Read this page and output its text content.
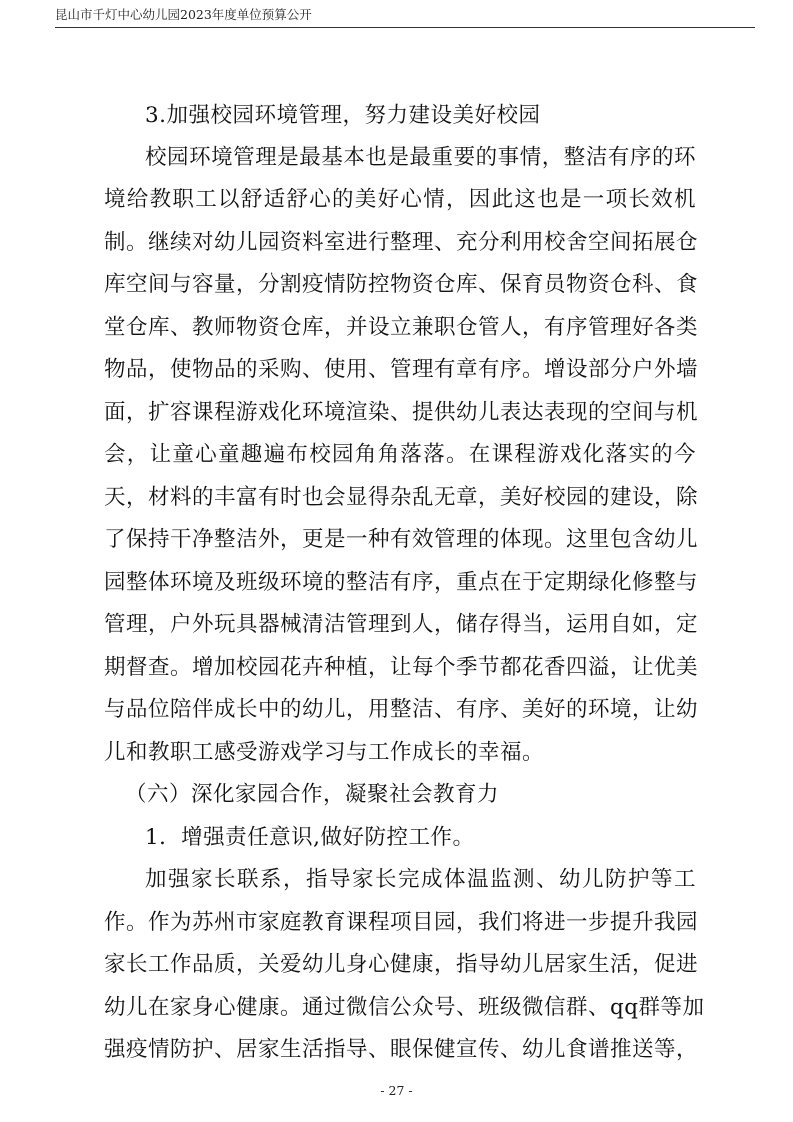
昆山市千灯中心幼儿园2023年度单位预算公开
3.加强校园环境管理，努力建设美好校园
校园环境管理是最基本也是最重要的事情，整洁有序的环
境给教职工以舒适舒心的美好心情，因此这也是一项长效机
制。继续对幼儿园资料室进行整理、充分利用校舍空间拓展仓
库空间与容量，分割疫情防控物资仓库、保育员物资仓科、食
堂仓库、教师物资仓库，并设立兼职仓管人，有序管理好各类
物品，使物品的采购、使用、管理有章有序。增设部分户外墙
面，扩容课程游戏化环境渲染、提供幼儿表达表现的空间与机
会，让童心童趣遍布校园角角落落。在课程游戏化落实的今
天，材料的丰富有时也会显得杂乱无章，美好校园的建设，除
了保持干净整洁外，更是一种有效管理的体现。这里包含幼儿
园整体环境及班级环境的整洁有序，重点在于定期绿化修整与
管理，户外玩具器械清洁管理到人，储存得当，运用自如，定
期督查。增加校园花卉种植，让每个季节都花香四溢，让优美
与品位陪伴成长中的幼儿，用整洁、有序、美好的环境，让幼
儿和教职工感受游戏学习与工作成长的幸福。
（六）深化家园合作，凝聚社会教育力
1．增强责任意识,做好防控工作。
加强家长联系，指导家长完成体温监测、幼儿防护等工
作。作为苏州市家庭教育课程项目园，我们将进一步提升我园
家长工作品质，关爱幼儿身心健康，指导幼儿居家生活，促进
幼儿在家身心健康。通过微信公众号、班级微信群、qq群等加
强疫情防护、居家生活指导、眼保健宣传、幼儿食谱推送等，
- 27 -
